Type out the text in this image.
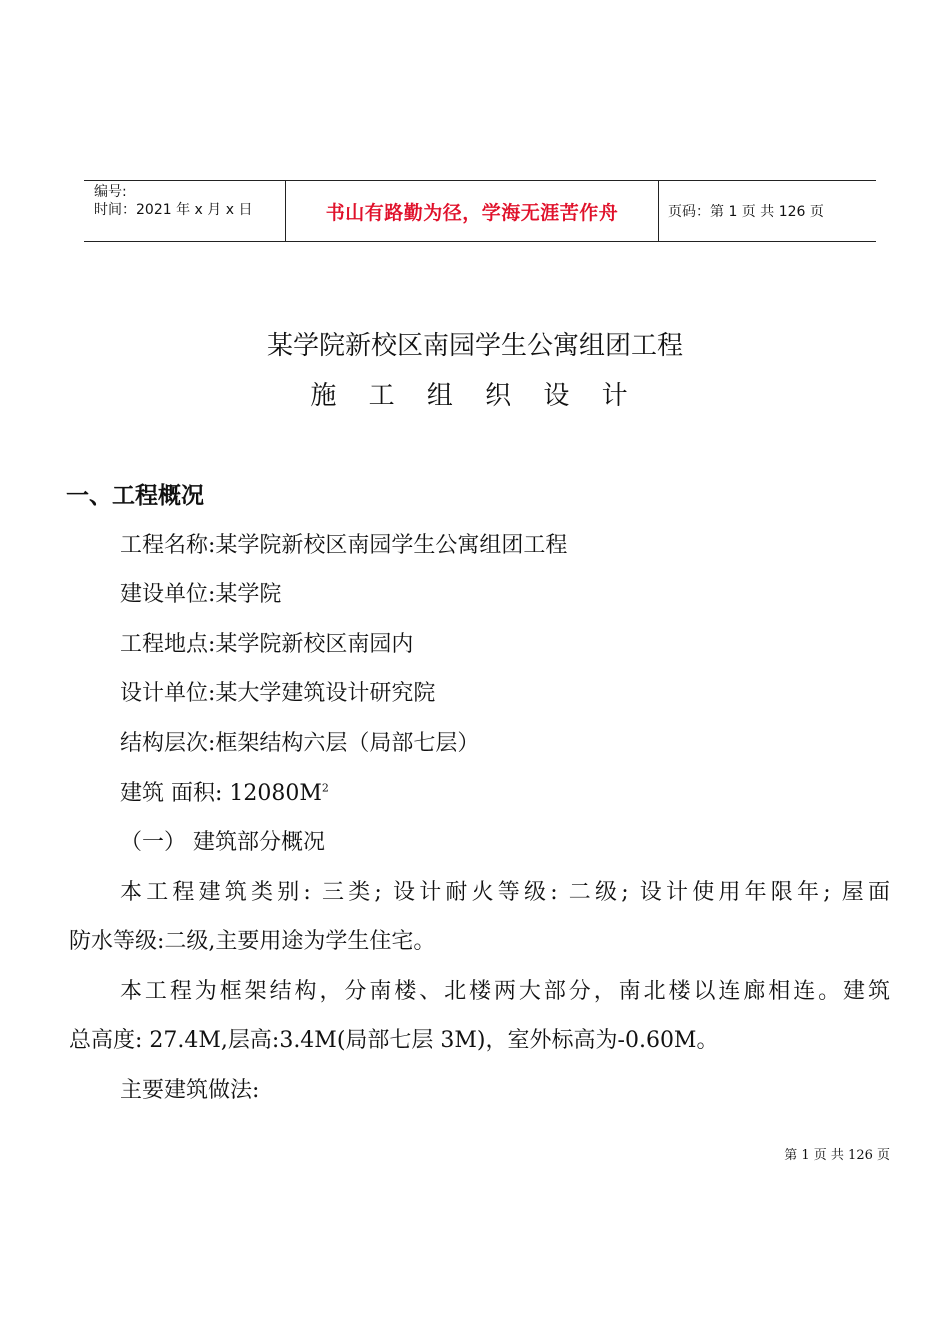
编号:
时间：2021 年 x 月 x 日	书山有路勤为径，学海无涯苦作舟	页码：第 1 页 共 126 页
某学院新校区南园学生公寓组团工程
施 工 组 织 设 计
一、工程概况
工程名称:某学院新校区南园学生公寓组团工程
建设单位:某学院
工程地点:某学院新校区南园内
设计单位:某大学建筑设计研究院
结构层次:框架结构六层（局部七层）
建筑 面积: $12080M^2$
（一） 建筑部分概况
本工程建筑类别: 三类; 设计耐火等级: 二级; 设计使用年限年; 屋面
防水等级:二级,主要用途为学生住宅。
本工程为框架结构，分南楼、北楼两大部分，南北楼以连廊相连。建筑
总高度: 27.4M,层高:3.4M(局部七层 3M)，室外标高为-0.60M。
主要建筑做法:
第 1 页 共 126 页
